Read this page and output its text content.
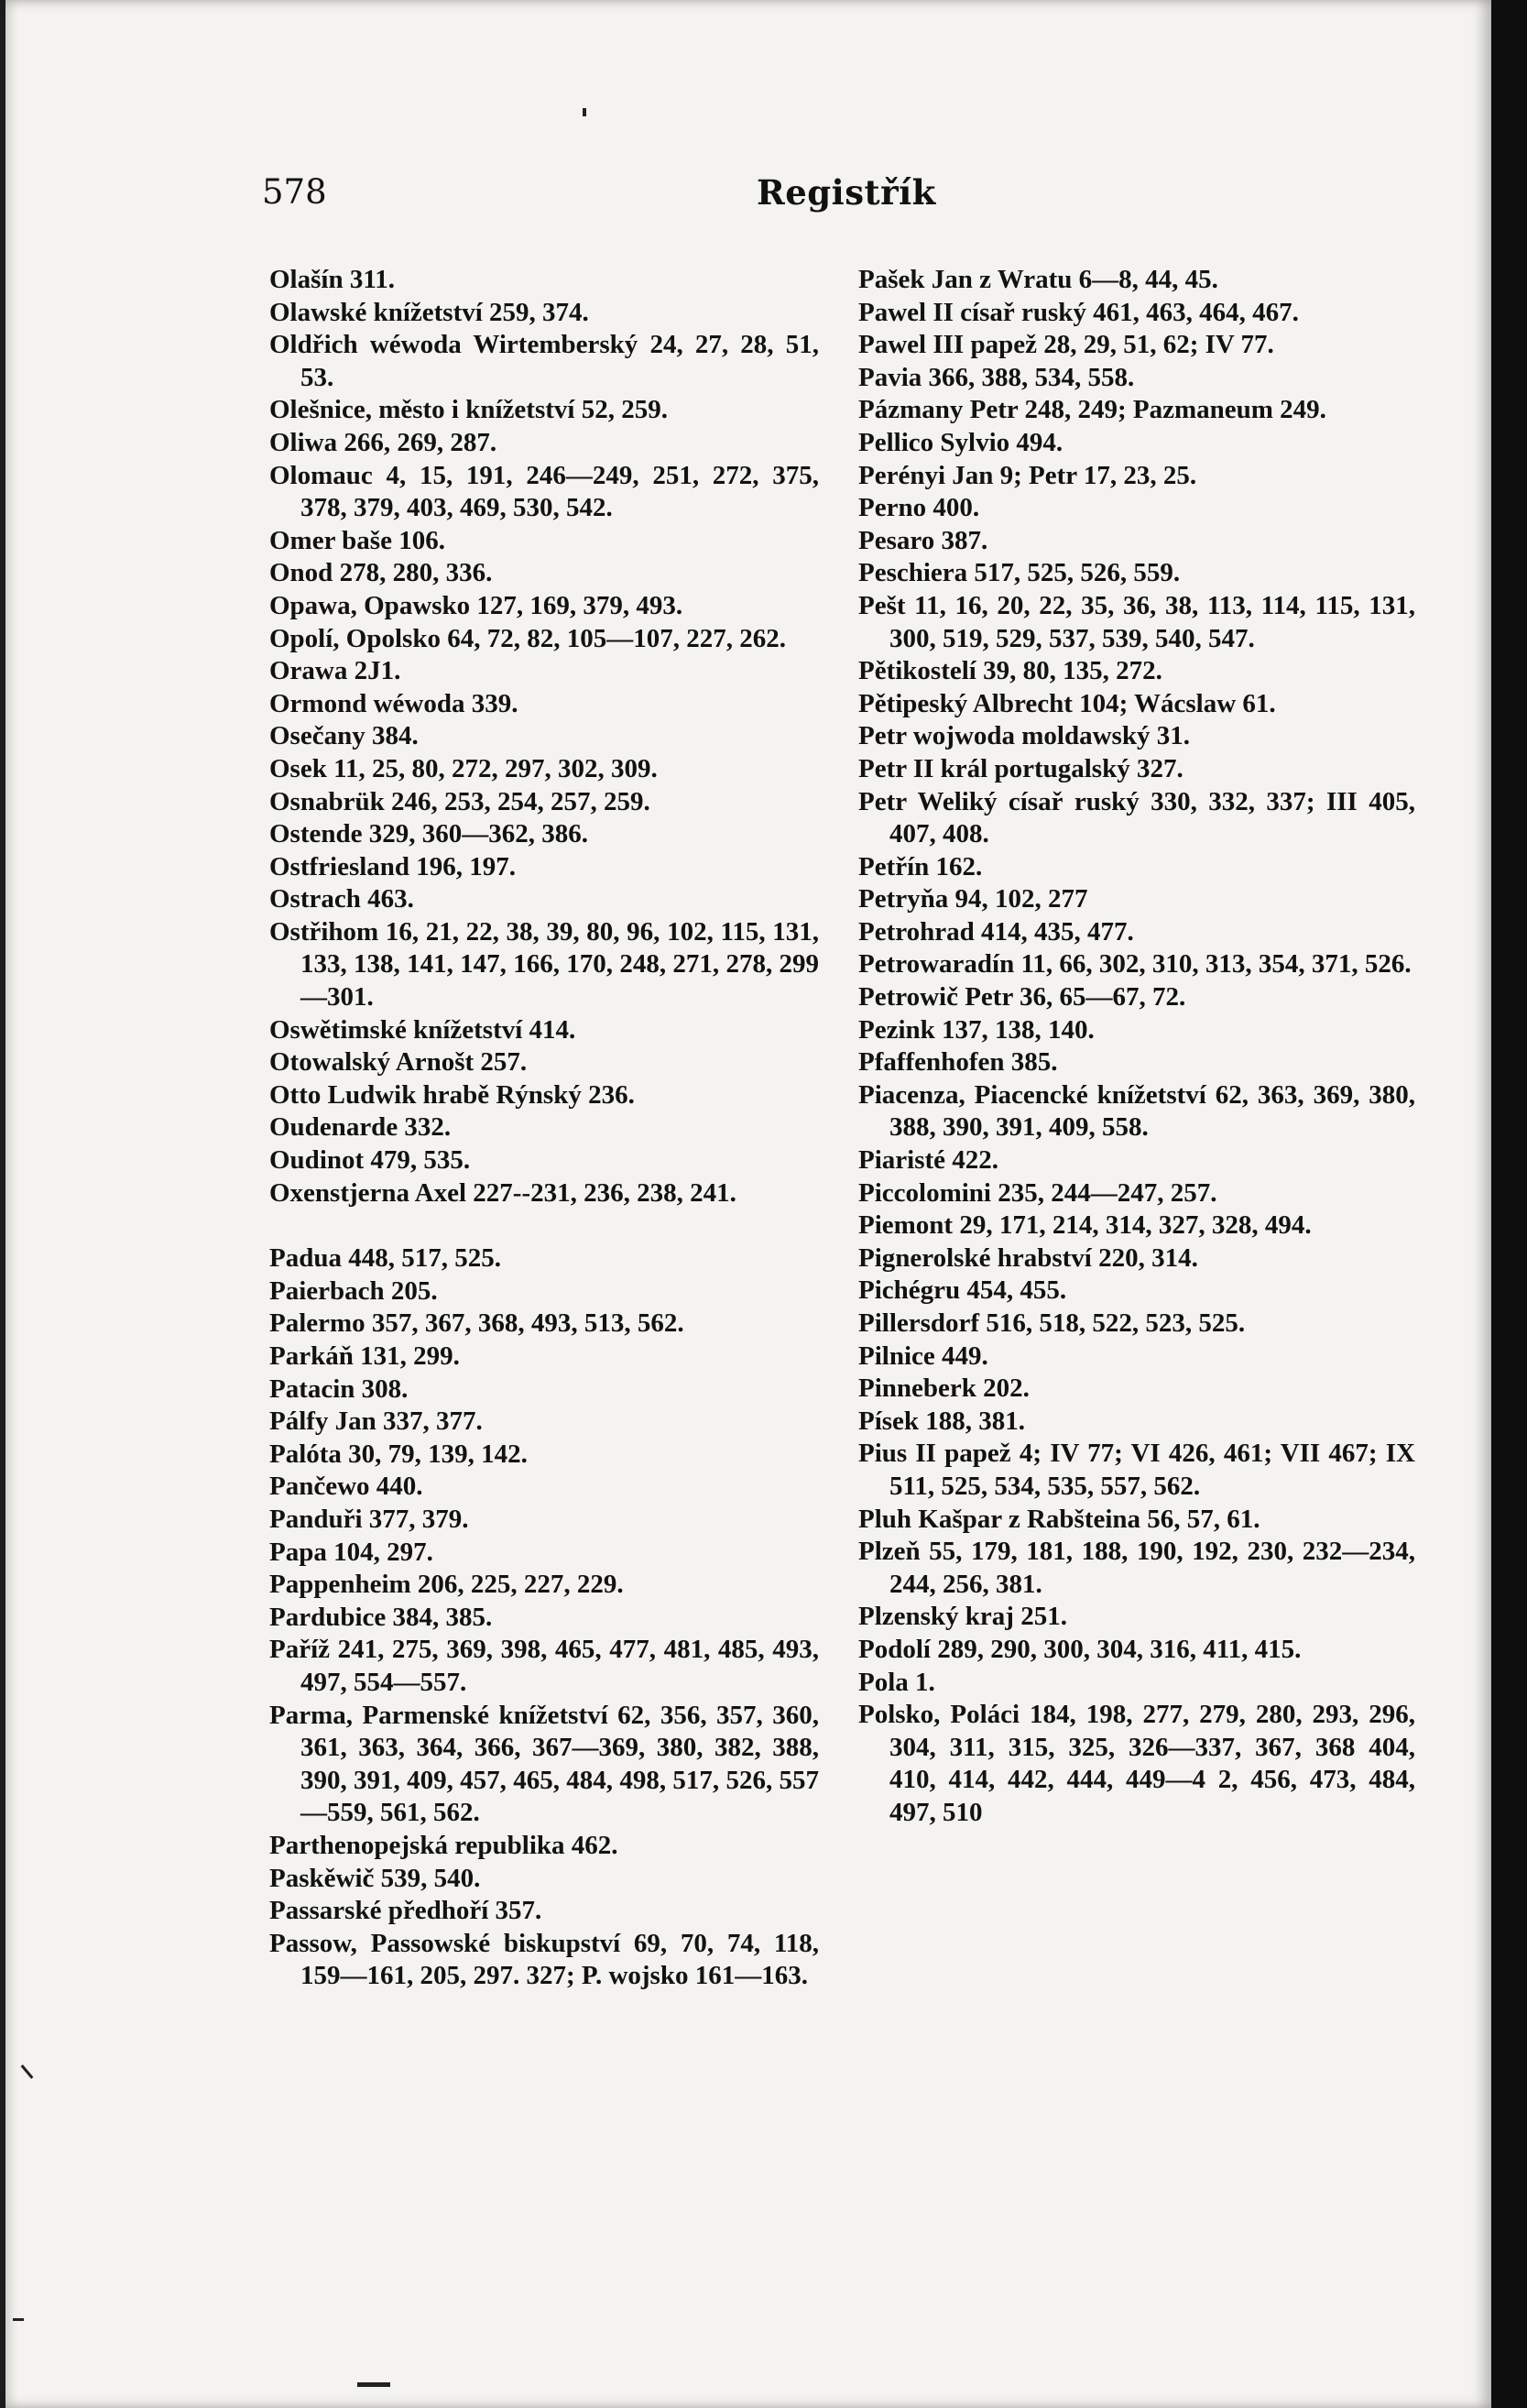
578	Registřík

Olašín 311.

Olawské knížetství 259, 374.

Oldřich wéwoda Wirtemberský 24, 27, 28, 51, 53.

Olešnice, město i knížetství 52, 259.

Oliwa 266, 269, 287.

Olomauc 4, 15, 191, 246—249, 251, 272, 375, 378, 379, 403, 469, 530, 542.

Omer baše 106.

Onod 278, 280, 336.

Opawa, Opawsko 127, 169, 379, 493.

Opolí, Opolsko 64, 72, 82, 105—107, 227, 262.

Orawa 2J1.

Ormond wéwoda 339.

Osečany 384.

Osek 11, 25, 80, 272, 297, 302, 309.

Osnabrük 246, 253, 254, 257, 259.

Ostende 329, 360—362, 386.

Ostfriesland 196, 197.

Ostrach 463.

Ostřihom 16, 21, 22, 38, 39, 80, 96, 102, 115, 131, 133, 138, 141, 147, 166, 170, 248, 271, 278, 299—301.

Oswětimské knížetství 414.

Otowalský Arnošt 257.

Otto Ludwik hrabě Rýnský 236.

Oudenarde 332.

Oudinot 479, 535.

Oxenstjerna Axel 227--231, 236, 238, 241.

Padua 448, 517, 525.

Paierbach 205.

Palermo 357, 367, 368, 493, 513, 562.

Parkáň 131, 299.

Patacin 308.

Pálfy Jan 337, 377.

Palóta 30, 79, 139, 142.

Pančewo 440.

Panduři 377, 379.

Papa 104, 297.

Pappenheim 206, 225, 227, 229.

Pardubice 384, 385.

Paříž 241, 275, 369, 398, 465, 477, 481, 485, 493, 497, 554—557.

Parma, Parmenské knížetství 62, 356, 357, 360, 361, 363, 364, 366, 367—369, 380, 382, 388, 390, 391, 409, 457, 465, 484, 498, 517, 526, 557—559, 561, 562.

Parthenopejská republika 462.

Paskěwič 539, 540.

Passarské předhoří 357.

Passow, Passowské biskupství 69, 70, 74, 118, 159—161, 205, 297. 327; P. wojsko 161—163.

Pašek Jan z Wratu 6—8, 44, 45.

Pawel II císař ruský 461, 463, 464, 467.

Pawel III papež 28, 29, 51, 62; IV 77.

Pavia 366, 388, 534, 558.

Pázmany Petr 248, 249; Pazmaneum 249.

Pellico Sylvio 494.

Perényi Jan 9; Petr 17, 23, 25.

Perno 400.

Pesaro 387.

Peschiera 517, 525, 526, 559.

Pešt 11, 16, 20, 22, 35, 36, 38, 113, 114, 115, 131, 300, 519, 529, 537, 539, 540, 547.

Pětikostelí 39, 80, 135, 272.

Pětipeský Albrecht 104; Wácslaw 61.

Petr wojwoda moldawský 31.

Petr II král portugalský 327.

Petr Weliký císař ruský 330, 332, 337; III 405, 407, 408.

Petřín 162.

Petryňa 94, 102, 277

Petrohrad 414, 435, 477.

Petrowaradín 11, 66, 302, 310, 313, 354, 371, 526.

Petrowič Petr 36, 65—67, 72.

Pezink 137, 138, 140.

Pfaffenhofen 385.

Piacenza, Piacencké knížetství 62, 363, 369, 380, 388, 390, 391, 409, 558.

Piaristé 422.

Piccolomini 235, 244—247, 257.

Piemont 29, 171, 214, 314, 327, 328, 494.

Pignerolské hrabství 220, 314.

Pichégru 454, 455.

Pillersdorf 516, 518, 522, 523, 525.

Pilnice 449.

Pinneberk 202.

Písek 188, 381.

Pius II papež 4; IV 77; VI 426, 461; VII 467; IX 511, 525, 534, 535, 557, 562.

Pluh Kašpar z Rabšteina 56, 57, 61.

Plzeň 55, 179, 181, 188, 190, 192, 230, 232—234, 244, 256, 381.

Plzenský kraj 251.

Podolí 289, 290, 300, 304, 316, 411, 415.

Pola 1.

Polsko, Poláci 184, 198, 277, 279, 280, 293, 296, 304, 311, 315, 325, 326—337, 367, 368 404, 410, 414, 442, 444, 449—4 2, 456, 473, 484, 497, 510
